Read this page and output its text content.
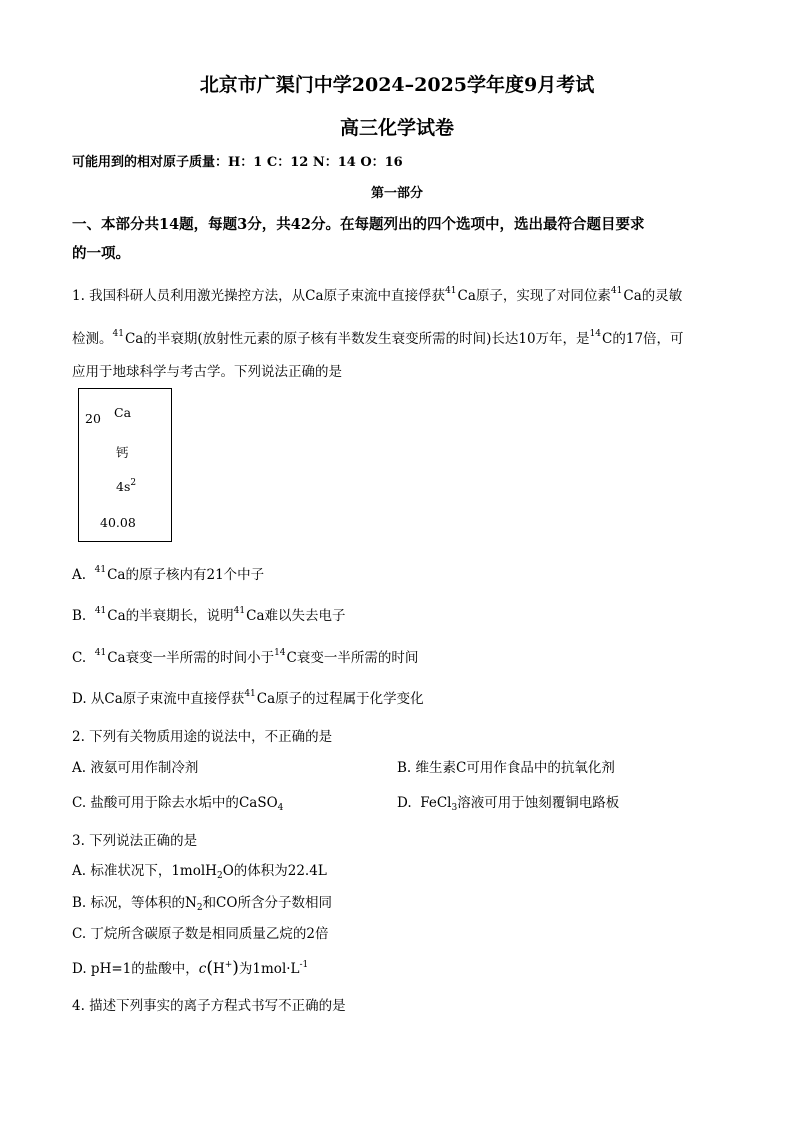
北京市广渠门中学2024–2025学年度9月考试
高三化学试卷
可能用到的相对原子质量：H：1 C：12 N：14 O：16
第一部分
一、本部分共14题，每题3分，共42分。在每题列出的四个选项中，选出最符合题目要求
的一项。
1. 我国科研人员利用激光操控方法，从Ca原子束流中直接俘获$^{41}$Ca原子，实现了对同位素$^{41}$Ca的灵敏
检测。$^{41}$Ca的半衰期(放射性元素的原子核有半数发生衰变所需的时间)长达10万年，是$^{14}$C的17倍，可
应用于地球科学与考古学。下列说法正确的是
20 Ca
钙
$4s^2$
40.08
A. $^{41}$Ca的原子核内有21个中子
B. $^{41}$Ca的半衰期长，说明$^{41}$Ca难以失去电子
C. $^{41}$Ca衰变一半所需的时间小于$^{14}$C衰变一半所需的时间
D. 从Ca原子束流中直接俘获$^{41}$Ca原子的过程属于化学变化
2. 下列有关物质用途的说法中，不正确的是
A. 液氨可用作制冷剂	B. 维生素C可用作食品中的抗氧化剂
C. 盐酸可用于除去水垢中的CaSO$_4$	D. FeCl$_3$溶液可用于蚀刻覆铜电路板
3. 下列说法正确的是
A. 标准状况下，1molH$_2$O的体积为22.4L
B. 标况，等体积的$N_2$和CO所含分子数相同
C. 丁烷所含碳原子数是相同质量乙烷的2倍
D. pH=1的盐酸中，c(H+)为$1mol\cdot L^{-1}$
4. 描述下列事实的离子方程式书写不正确的是
